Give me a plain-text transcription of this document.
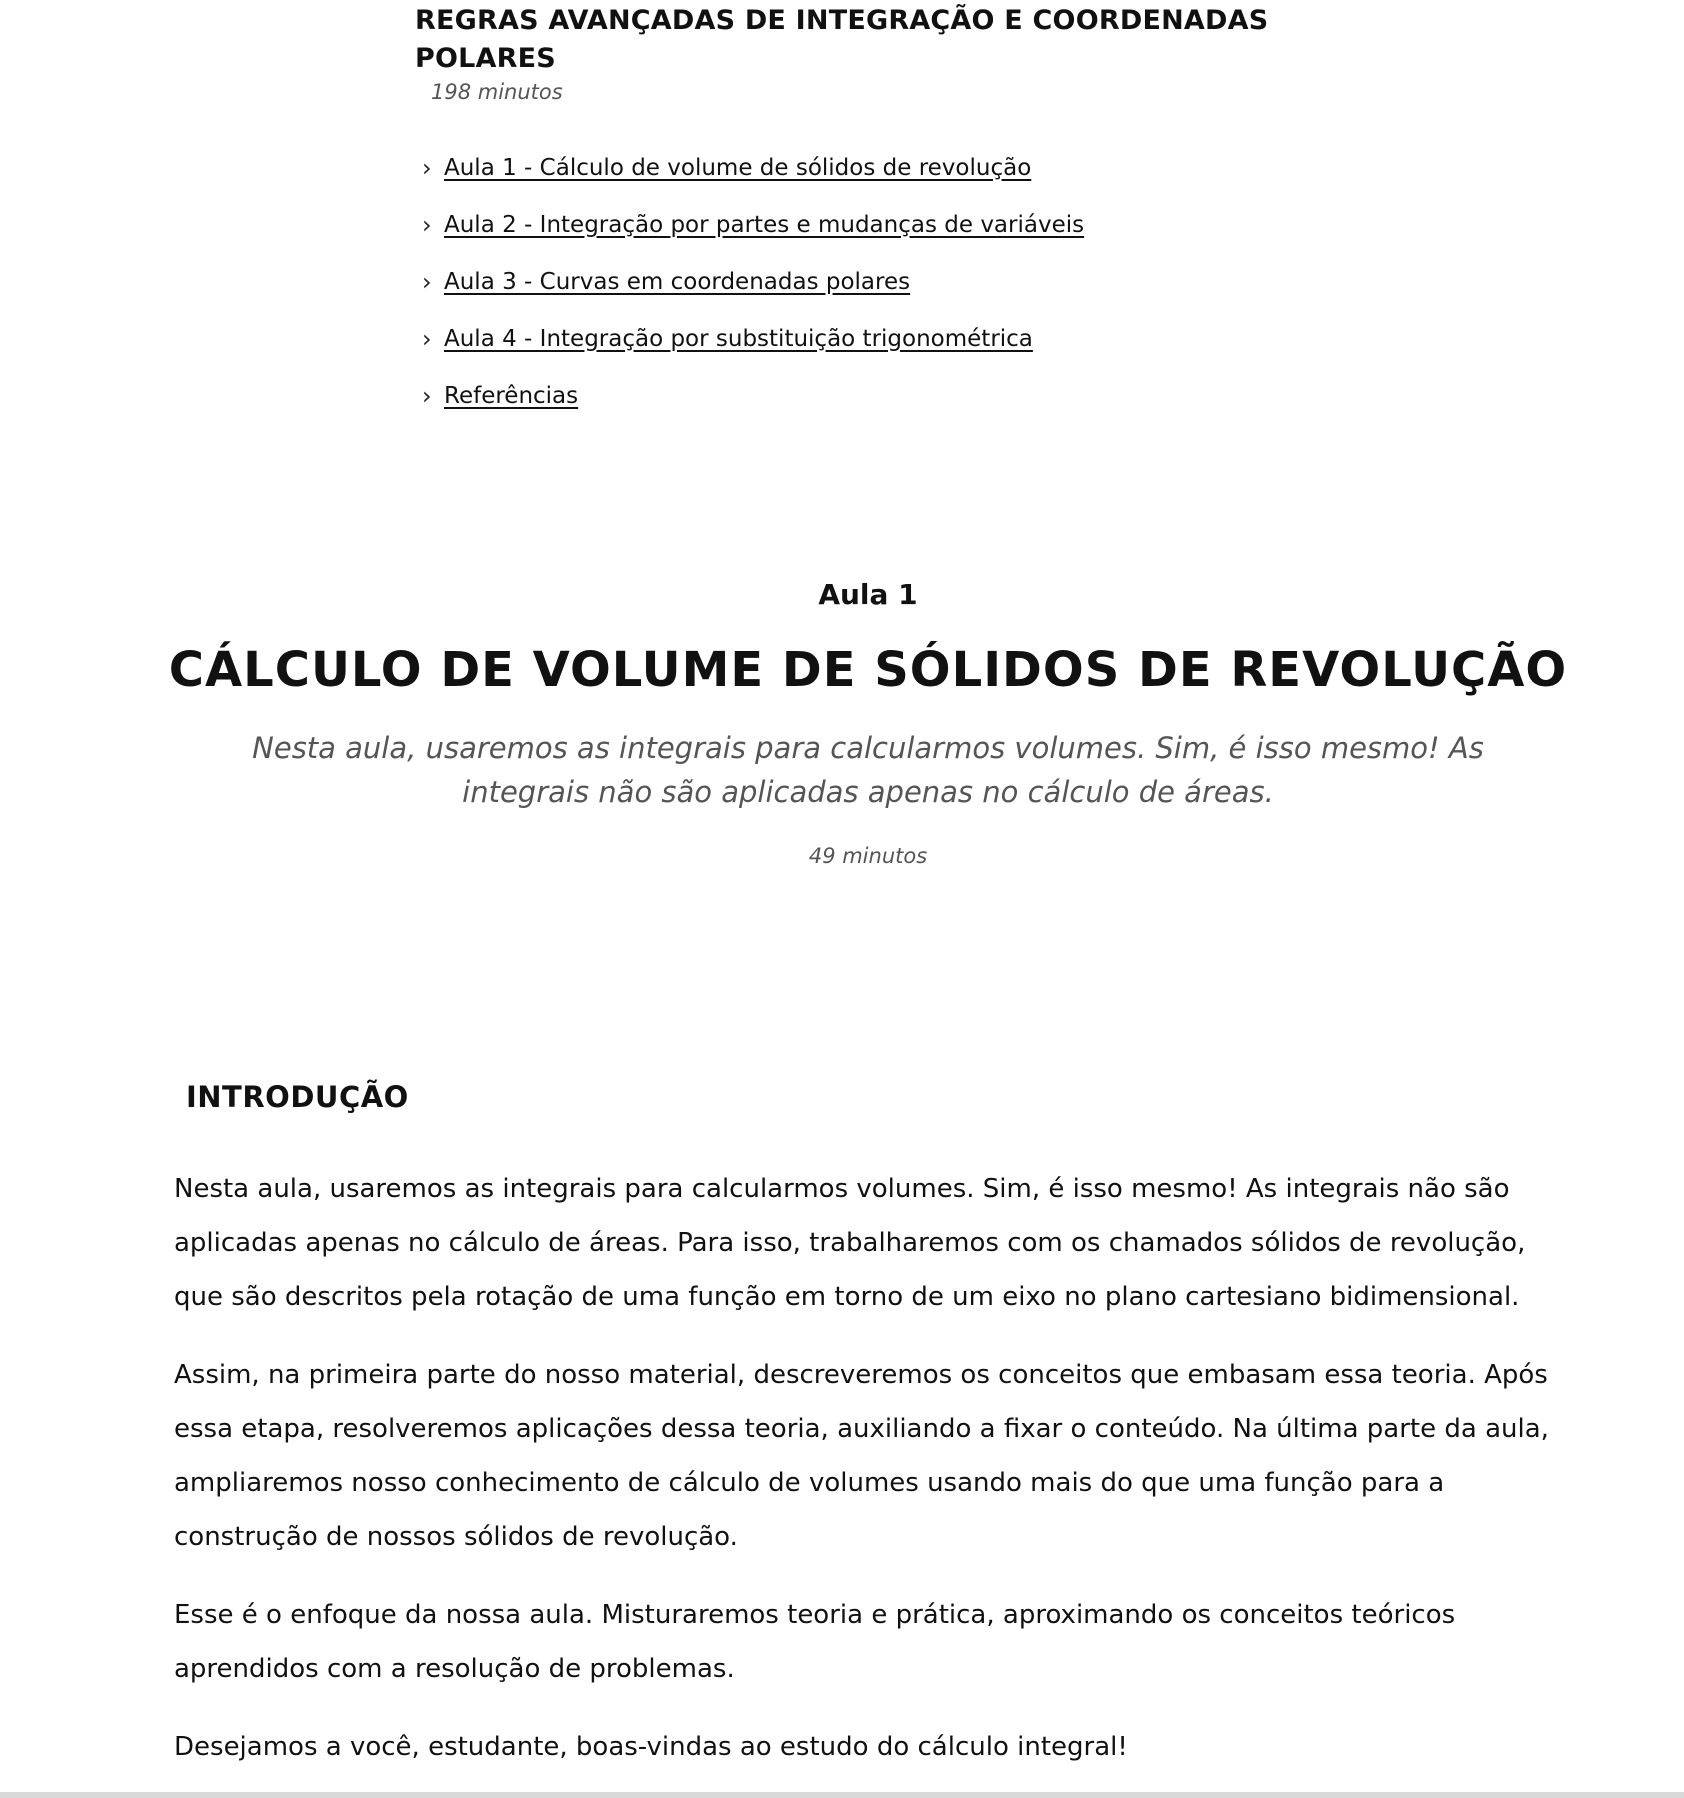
REGRAS AVANÇADAS DE INTEGRAÇÃO E COORDENADAS POLARES
198 minutos
›
Aula 1 - Cálculo de volume de sólidos de revolução
›
Aula 2 - Integração por partes e mudanças de variáveis
›
Aula 3 - Curvas em coordenadas polares
›
Aula 4 - Integração por substituição trigonométrica
›
Referências
Aula 1
CÁLCULO DE VOLUME DE SÓLIDOS DE REVOLUÇÃO

Nesta aula, usaremos as integrais para calcularmos volumes. Sim, é isso mesmo! As integrais não são aplicadas apenas no cálculo de áreas.

49 minutos
INTRODUÇÃO

Nesta aula, usaremos as integrais para calcularmos volumes. Sim, é isso mesmo! As integrais não são aplicadas apenas no cálculo de áreas. Para isso, trabalharemos com os chamados sólidos de revolução, que são descritos pela rotação de uma função em torno de um eixo no plano cartesiano bidimensional.

Assim, na primeira parte do nosso material, descreveremos os conceitos que embasam essa teoria. Após essa etapa, resolveremos aplicações dessa teoria, auxiliando a fixar o conteúdo. Na última parte da aula, ampliaremos nosso conhecimento de cálculo de volumes usando mais do que uma função para a construção de nossos sólidos de revolução.

Esse é o enfoque da nossa aula. Misturaremos teoria e prática, aproximando os conceitos teóricos aprendidos com a resolução de problemas.

Desejamos a você, estudante, boas-vindas ao estudo do cálculo integral!
